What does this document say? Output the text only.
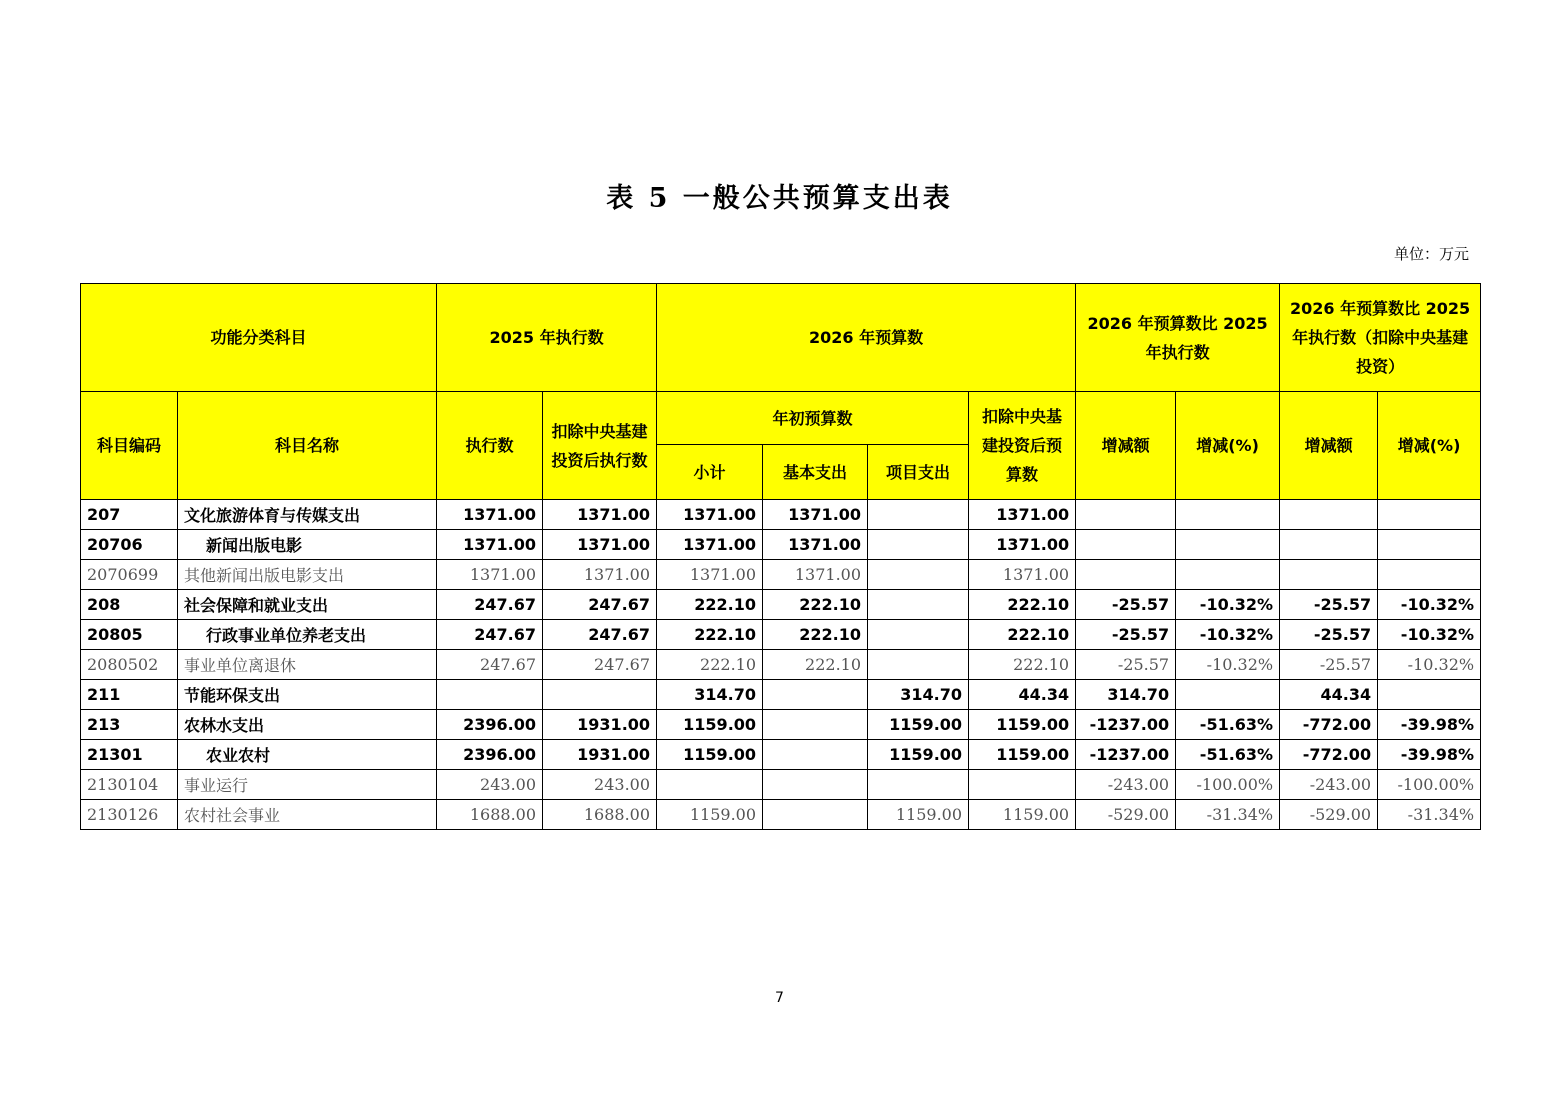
表 5 一般公共预算支出表
单位：万元
功能分类科目		2025 年执行数		2026 年预算数				2026 年预算数比 2025 年执行数		2026 年预算数比 2025 年执行数（扣除中央基建投资）	
科目编码	科目名称	执行数	扣除中央基建投资后执行数	年初预算数			扣除中央基建投资后预算数	增减额	增减(%)	增减额	增减(%)
				小计	基本支出	项目支出					
207	文化旅游体育与传媒支出	1371.00	1371.00	1371.00	1371.00		1371.00				
20706	新闻出版电影	1371.00	1371.00	1371.00	1371.00		1371.00				
2070699	其他新闻出版电影支出	1371.00	1371.00	1371.00	1371.00		1371.00				
208	社会保障和就业支出	247.67	247.67	222.10	222.10		222.10	-25.57	-10.32%	-25.57	-10.32%
20805	行政事业单位养老支出	247.67	247.67	222.10	222.10		222.10	-25.57	-10.32%	-25.57	-10.32%
2080502	事业单位离退休	247.67	247.67	222.10	222.10		222.10	-25.57	-10.32%	-25.57	-10.32%
211	节能环保支出			314.70		314.70	44.34	314.70		44.34	
213	农林水支出	2396.00	1931.00	1159.00		1159.00	1159.00	-1237.00	-51.63%	-772.00	-39.98%
21301	农业农村	2396.00	1931.00	1159.00		1159.00	1159.00	-1237.00	-51.63%	-772.00	-39.98%
2130104	事业运行	243.00	243.00					-243.00	-100.00%	-243.00	-100.00%
2130126	农村社会事业	1688.00	1688.00	1159.00		1159.00	1159.00	-529.00	-31.34%	-529.00	-31.34%
7
